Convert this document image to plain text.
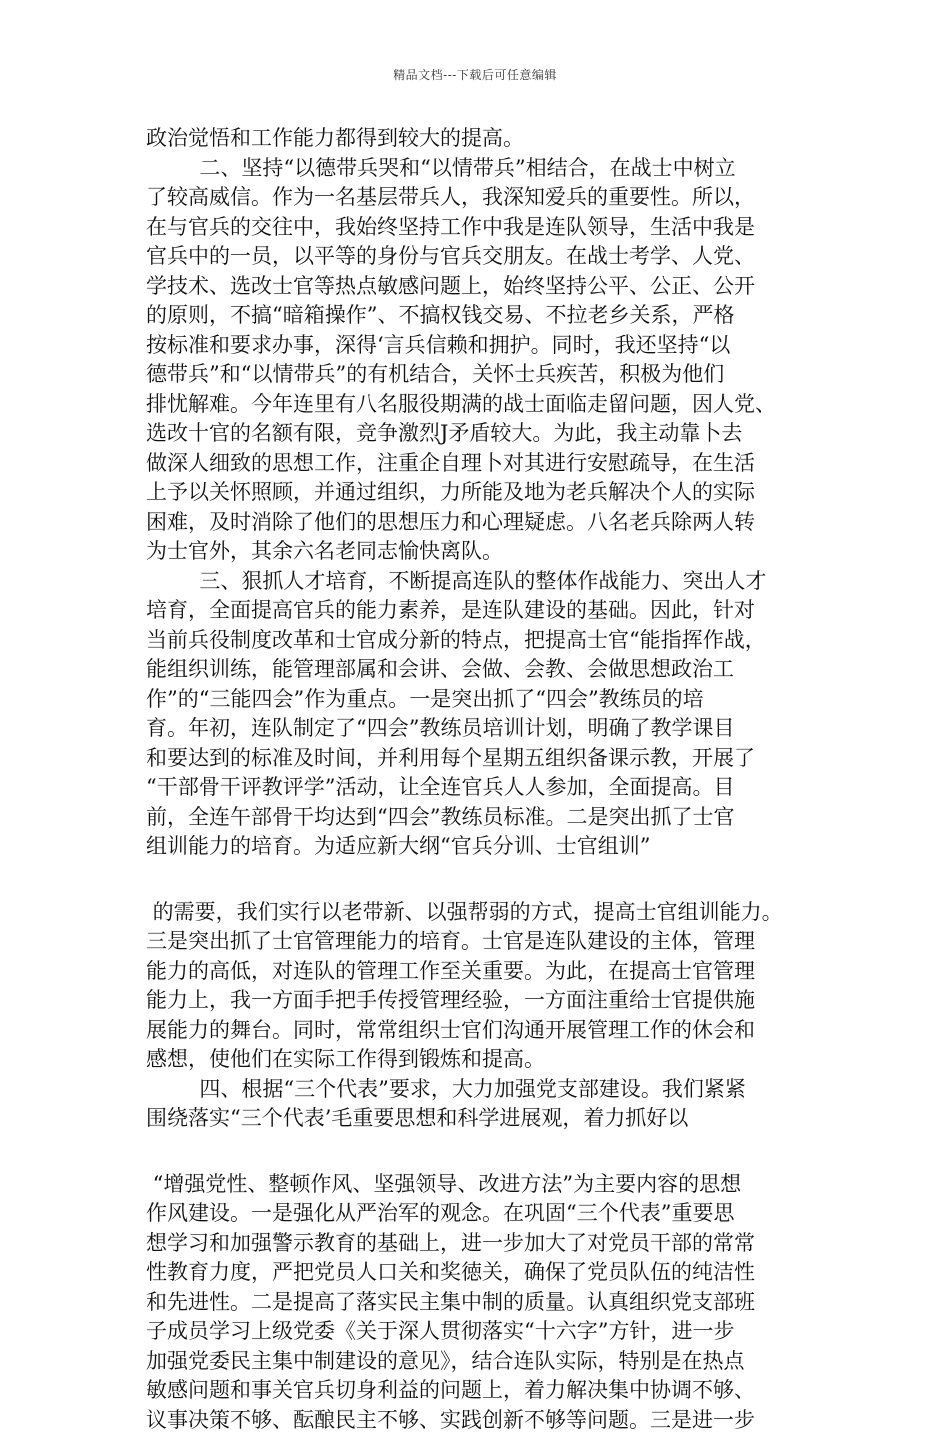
精品文档---下载后可任意编辑
政治觉悟和工作能力都得到较大的提高。
二、坚持“以德带兵哭和“以情带兵”相结合，在战士中树立
了较高威信。作为一名基层带兵人，我深知爱兵的重要性。所以，
在与官兵的交往中，我始终坚持工作中我是连队领导，生活中我是
官兵中的一员，以平等的身份与官兵交朋友。在战士考学、人党、
学技术、选改士官等热点敏感问题上，始终坚持公平、公正、公开
的原则，不搞“暗箱操作”、不搞权钱交易、不拉老乡关系，严格
按标准和要求办事，深得‘言兵信赖和拥护。同时，我还坚持“以
德带兵”和“以情带兵”的有机结合，关怀士兵疾苦，积极为他们
排忧解难。今年连里有八名服役期满的战士面临走留问题，因人党、
选改十官的名额有限，竞争激烈J矛盾较大。为此，我主动靠卜去
做深人细致的思想工作，注重企自理卜对其进行安慰疏导，在生活
上予以关怀照顾，并通过组织，力所能及地为老兵解决个人的实际
困难，及时消除了他们的思想压力和心理疑虑。八名老兵除两人转
为士官外，其余六名老同志愉快离队。
三、狠抓人才培育，不断提高连队的整体作战能力、突出人才
培育，全面提高官兵的能力素养，是连队建设的基础。因此，针对
当前兵役制度改革和士官成分新的特点，把提高士官“能指挥作战，
能组织训练，能管理部属和会讲、会做、会教、会做思想政治工
作”的“三能四会”作为重点。一是突出抓了“四会”教练员的培
育。年初，连队制定了“四会”教练员培训计划，明确了教学课目
和要达到的标准及时间，并利用每个星期五组织备课示教，开展了
“干部骨干评教评学”活动，让全连官兵人人参加，全面提高。目
前，全连午部骨干均达到“四会”教练员标准。二是突出抓了士官
组训能力的培育。为适应新大纲“官兵分训、士官组训”
的需要，我们实行以老带新、以强帮弱的方式，提高士官组训能力。
三是突出抓了士官管理能力的培育。士官是连队建设的主体，管理
能力的高低，对连队的管理工作至关重要。为此，在提高士官管理
能力上，我一方面手把手传授管理经验，一方面注重给士官提供施
展能力的舞台。同时，常常组织士官们沟通开展管理工作的休会和
感想，使他们在实际工作得到锻炼和提高。
四、根据“三个代表”要求，大力加强党支部建设。我们紧紧
围绕落实“三个代表’毛重要思想和科学进展观，着力抓好以
“增强党性、整顿作风、坚强领导、改进方法”为主要内容的思想
作风建设。一是强化从严治军的观念。在巩固“三个代表”重要思
想学习和加强警示教育的基础上，进一步加大了对党员干部的常常
性教育力度，严把党员人口关和奖徳关，确保了党员队伍的纯洁性
和先进性。二是提高了落实民主集中制的质量。认真组织党支部班
子成员学习上级党委《关于深人贯彻落实“十六字”方针，进一步
加强党委民主集中制建设的意见》，结合连队实际，特别是在热点
敏感问题和事关官兵切身利益的问题上，着力解决集中协调不够、
议事决策不够、酝酿民主不够、实践创新不够等问题。三是进一步
